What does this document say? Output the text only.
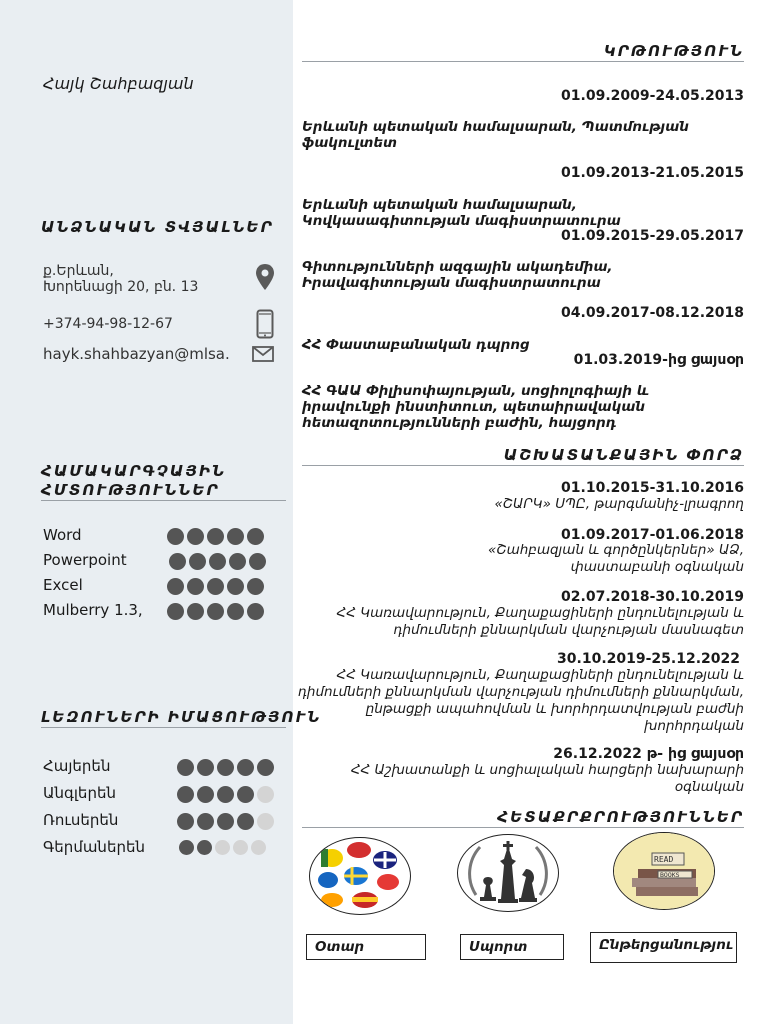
Հայկ Շահբազյան
ԱՆՁՆԱԿԱՆ ՏՎՅԱԼՆԵՐ
ք.Երևան,
Խորենացի 20, բն. 13
+374-94-98-12-67
hayk.shahbazyan@mlsa.
ՀԱՄԱԿԱՐԳՉԱՅԻՆ
ՀՄՏՈՒԹՅՈՒՆՆԵՐ
Word
Powerpoint
Excel
Mulberry 1.3,
ԼԵԶՈՒՆԵՐԻ ԻՄԱՑՈՒԹՅՈՒՆ
Հայերեն
Անգլերեն
Ռուսերեն
Գերմաներեն
ԿՐԹՈՒԹՅՈՒՆ
01.09.2009-24.05.2013
Երևանի պետական համալսարան, Պատմության ֆակուլտետ
01.09.2013-21.05.2015
Երևանի պետական համալսարան, Կովկասագիտության մագիստրատուրա
01.09.2015-29.05.2017
Գիտությունների ազգային ակադեմիա, Իրավագիտության մագիստրատուրա
04.09.2017-08.12.2018
ՀՀ Փաստաբանական դպրոց
01.03.2019-ից ցայսօր
ՀՀ ԳԱԱ Փիլիսոփայության, սոցիոլոգիայի և իրավունքի ինստիտուտ, պետաիրավական հետազոտությունների բաժին, հայցորդ
ԱՇԽԱՏԱՆՔԱՅԻՆ ՓՈՐՁ
01.10.2015-31.10.2016
«ՇԱՐԿ» ՍՊԸ, թարգմանիչ-լրագրող
01.09.2017-01.06.2018
«Շահբազյան և գործընկերներ» ԱՁ, փաստաբանի օգնական
02.07.2018-30.10.2019
ՀՀ Կառավարություն, Քաղաքացիների ընդունելության և դիմումների քննարկման վարչության մասնագետ
30.10.2019-25.12.2022
ՀՀ Կառավարություն, Քաղաքացիների ընդունելության և դիմումների քննարկման վարչության դիմումների քննարկման, ընթացքի ապահովման և խորհրդատվության բաժնի խորհրդական
26.12.2022 թ- ից ցայսօր
ՀՀ Աշխատանքի և սոցիալական հարցերի նախարարի օգնական
ՀԵՏԱՔՐՔՐՈՒԹՅՈՒՆՆԵՐ
READ
BOOKS
Օտար	Սպորտ	Ընթերցանությու
